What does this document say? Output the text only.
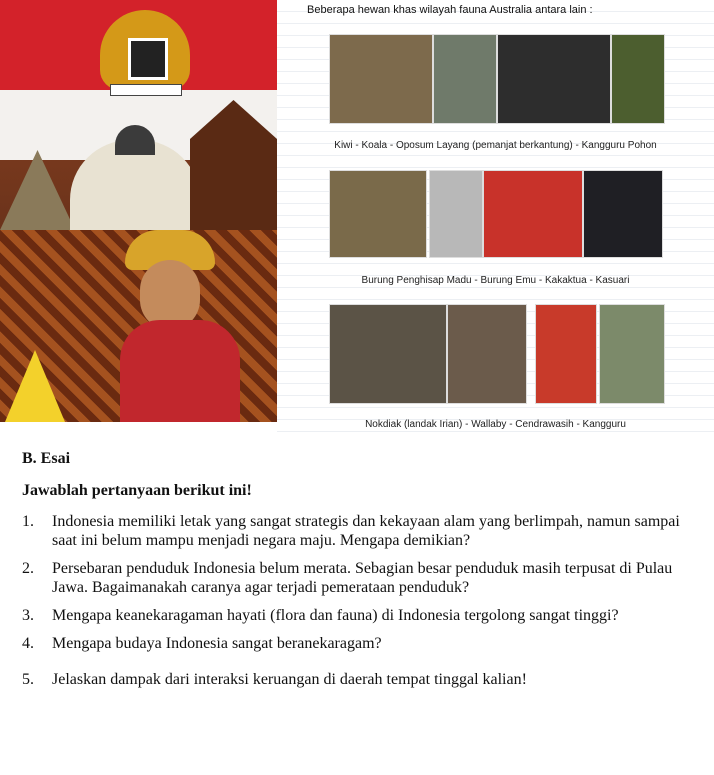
Beberapa hewan khas wilayah fauna Australia antara lain :
Kiwi - Koala - Oposum Layang (pemanjat berkantung) - Kangguru Pohon
Burung Penghisap Madu - Burung Emu - Kakaktua - Kasuari
Nokdiak (landak Irian) - Wallaby - Cendrawasih - Kangguru
B. Esai
Jawablah pertanyaan berikut ini!
1.	Indonesia memiliki letak yang sangat strategis dan kekayaan alam yang berlimpah, namun sampai saat ini belum mampu menjadi negara maju. Mengapa demikian?
2.	Persebaran penduduk Indonesia belum merata. Sebagian besar penduduk masih terpusat di Pulau Jawa. Bagaimanakah caranya agar terjadi pemerataan penduduk?
3.	Mengapa keanekaragaman hayati (flora dan fauna) di Indonesia tergolong sangat tinggi?
4.	Mengapa budaya Indonesia sangat beranekaragam?
5.	Jelaskan dampak dari interaksi keruangan di daerah tempat tinggal kalian!
